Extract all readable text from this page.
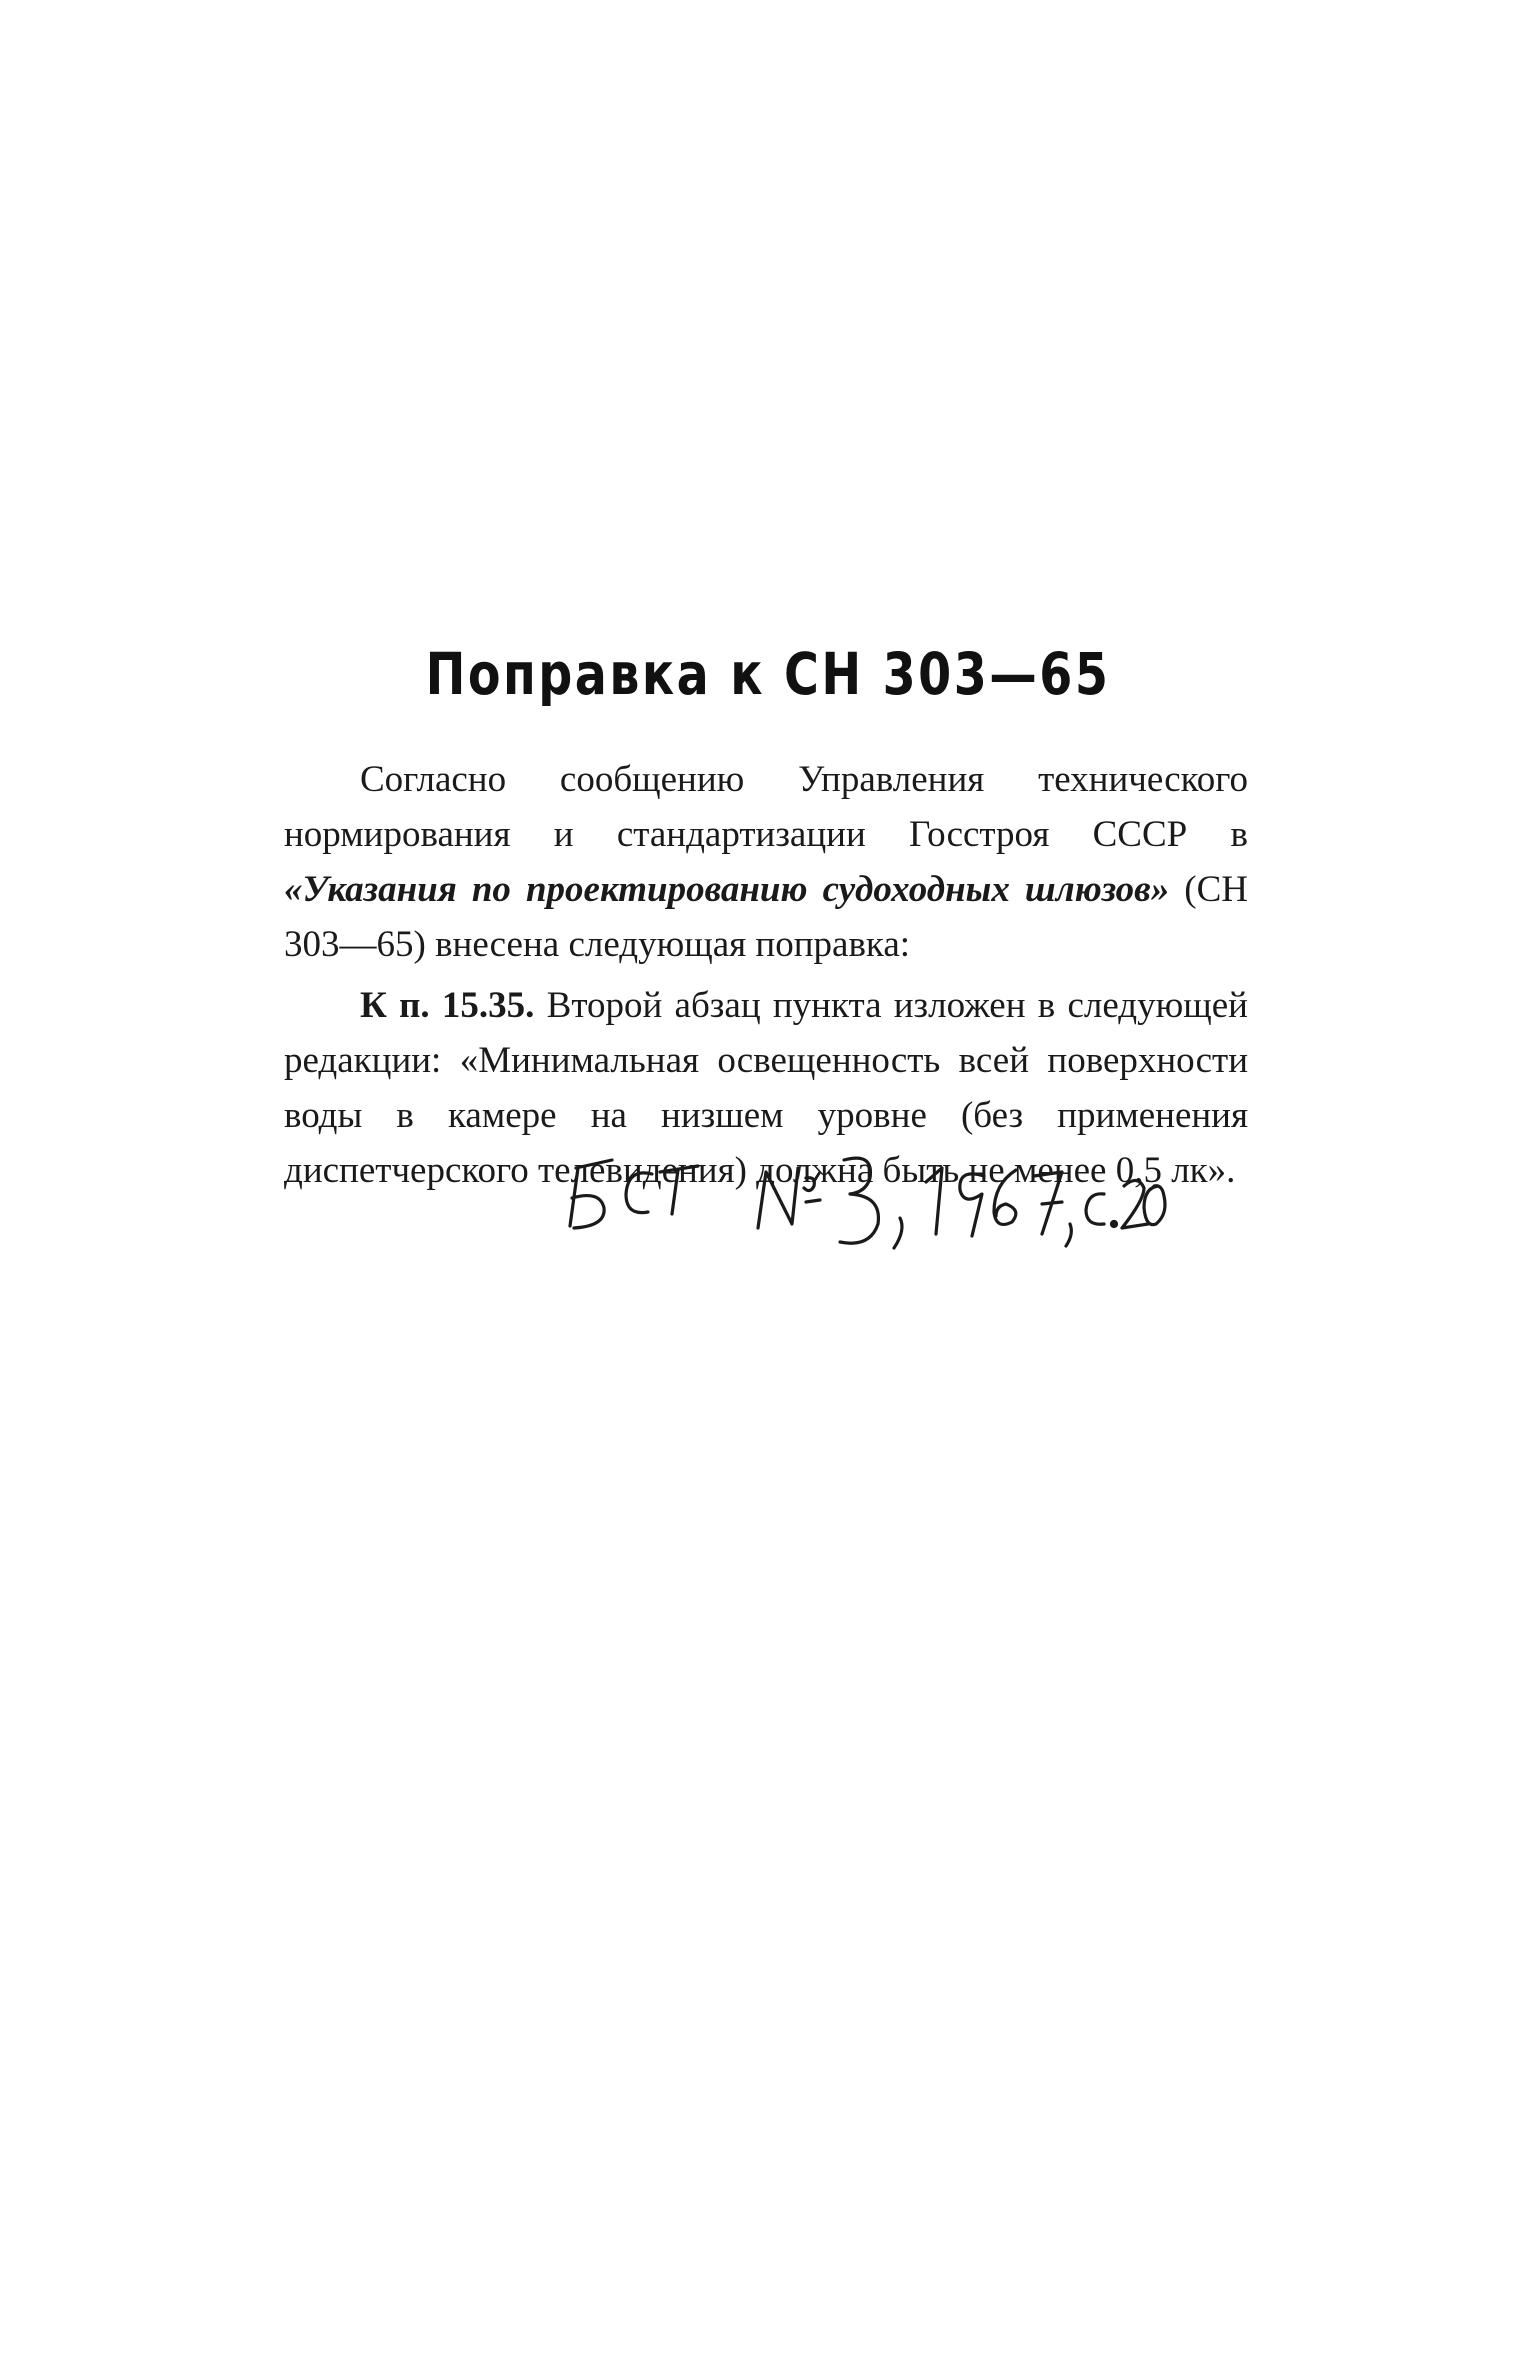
Поправка к СН 303—65

Согласно сообщению Управления технического нормирования и стандартизации Госстроя СССР в «Указания по проектированию судоходных шлюзов» (СН 303—65) внесена следующая поправка:

К п. 15.35. Второй абзац пункта изложен в следующей редакции: «Минимальная освещенность всей поверхности воды в камере на низшем уровне (без применения диспетчерского телевидения) должна быть не менее 0,5 лк».
